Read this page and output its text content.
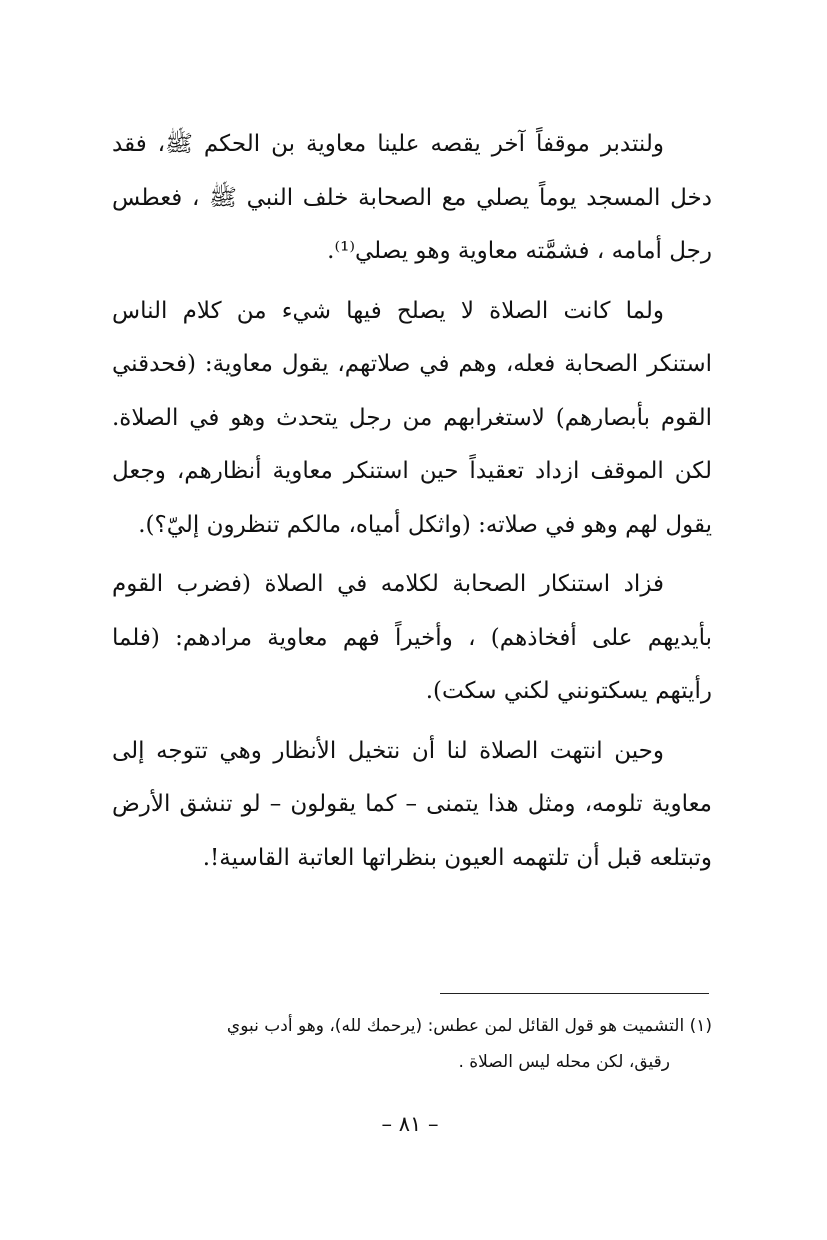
ولنتدبر موقفاً آخر يقصه علينا معاوية بن الحكم ﷺ، فقد دخل المسجد يوماً يصلي مع الصحابة خلف النبي ﷺ ، فعطس رجل أمامه ، فشمَّته معاوية وهو يصلي⁽¹⁾.

ولما كانت الصلاة لا يصلح فيها شيء من كلام الناس استنكر الصحابة فعله، وهم في صلاتهم، يقول معاوية: (فحدقني القوم بأبصارهم) لاستغرابهم من رجل يتحدث وهو في الصلاة. لكن الموقف ازداد تعقيداً حين استنكر معاوية أنظارهم، وجعل يقول لهم وهو في صلاته: (واثكل أمياه، مالكم تنظرون إليّ؟).

فزاد استنكار الصحابة لكلامه في الصلاة (فضرب القوم بأيديهم على أفخاذهم) ، وأخيراً فهم معاوية مرادهم: (فلما رأيتهم يسكتونني لكني سكت).

وحين انتهت الصلاة لنا أن نتخيل الأنظار وهي تتوجه إلى معاوية تلومه، ومثل هذا يتمنى – كما يقولون – لو تنشق الأرض وتبتلعه قبل أن تلتهمه العيون بنظراتها العاتبة القاسية!.

(١) التشميت هو قول القائل لمن عطس: (يرحمك لله)، وهو أدب نبوي

رقيق، لكن محله ليس الصلاة .

– ٨١ –
